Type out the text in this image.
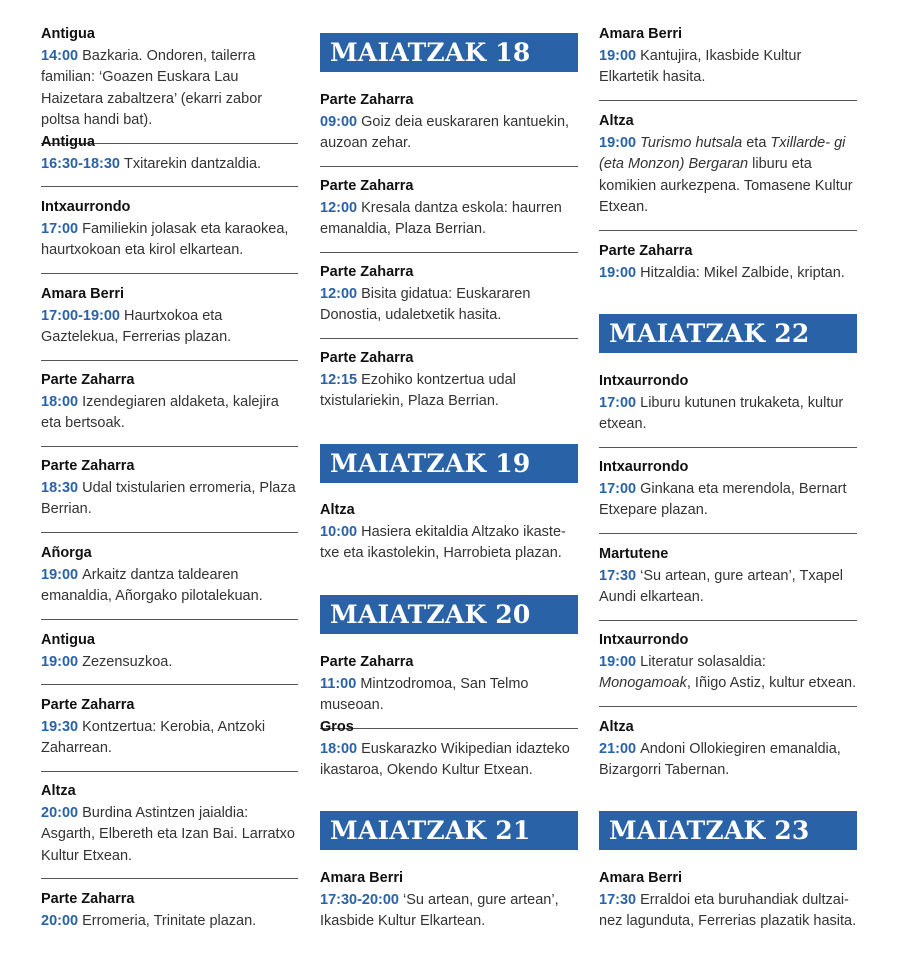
Antigua
14:00 Bazkaria. Ondoren, tailerra familian: ‘Goazen Euskara Lau Haizetara zabaltzera’ (ekarri zabor poltsa handi bat).
Antigua
16:30-18:30 Txitarekin dantzaldia.
Intxaurrondo
17:00 Familiekin jolasak eta karaokea, haurtxokoan eta kirol elkartean.
Amara Berri
17:00-19:00 Haurtxokoa eta Gaztelekua, Ferrerias plazan.
Parte Zaharra
18:00 Izendegiaren aldaketa, kalejira eta bertsoak.
Parte Zaharra
18:30 Udal txistularien erromeria, Plaza Berrian.
Añorga
19:00 Arkaitz dantza taldearen emanaldia, Añorgako pilotalekuan.
Antigua
19:00 Zezensuzkoa.
Parte Zaharra
19:30 Kontzertua: Kerobia, Antzoki Zaharrean.
Altza
20:00 Burdina Astintzen jaialdia: Asgarth, Elbereth eta Izan Bai. Larratxo Kultur Etxean.
Parte Zaharra
20:00 Erromeria, Trinitate plazan.
MAIATZAK 18
Parte Zaharra
09:00 Goiz deia euskararen kantuekin, auzoan zehar.
Parte Zaharra
12:00 Kresala dantza eskola: haurren emanaldia, Plaza Berrian.
Parte Zaharra
12:00 Bisita gidatua: Euskararen Donostia, udaletxetik hasita.
Parte Zaharra
12:15 Ezohiko kontzertua udal txistulariekin, Plaza Berrian.
MAIATZAK 19
Altza
10:00 Hasiera ekitaldia Altzako ikaste- txe eta ikastolekin, Harrobieta plazan.
MAIATZAK 20
Parte Zaharra
11:00 Mintzodromoa, San Telmo museoan.
Gros
18:00 Euskarazko Wikipedian idazteko ikastaroa, Okendo Kultur Etxean.
MAIATZAK 21
Amara Berri
17:30-20:00 ‘Su artean, gure artean’, Ikasbide Kultur Elkartean.
Amara Berri
19:00 Kantujira, Ikasbide Kultur Elkartetik hasita.
Altza
19:00 Turismo hutsala eta Txillarde- gi (eta Monzon) Bergaran liburu eta komikien aurkezpena. Tomasene Kultur Etxean.
Parte Zaharra
19:00 Hitzaldia: Mikel Zalbide, kriptan.
MAIATZAK 22
Intxaurrondo
17:00 Liburu kutunen trukaketa, kultur etxean.
Intxaurrondo
17:00 Ginkana eta merendola, Bernart Etxepare plazan.
Martutene
17:30 ‘Su artean, gure artean’, Txapel Aundi elkartean.
Intxaurrondo
19:00 Literatur solasaldia: Monogamoak, Iñigo Astiz, kultur etxean.
Altza
21:00 Andoni Ollokiegiren emanaldia, Bizargorri Tabernan.
MAIATZAK 23
Amara Berri
17:30 Erraldoi eta buruhandiak dultzai- nez lagunduta, Ferrerias plazatik hasita.
